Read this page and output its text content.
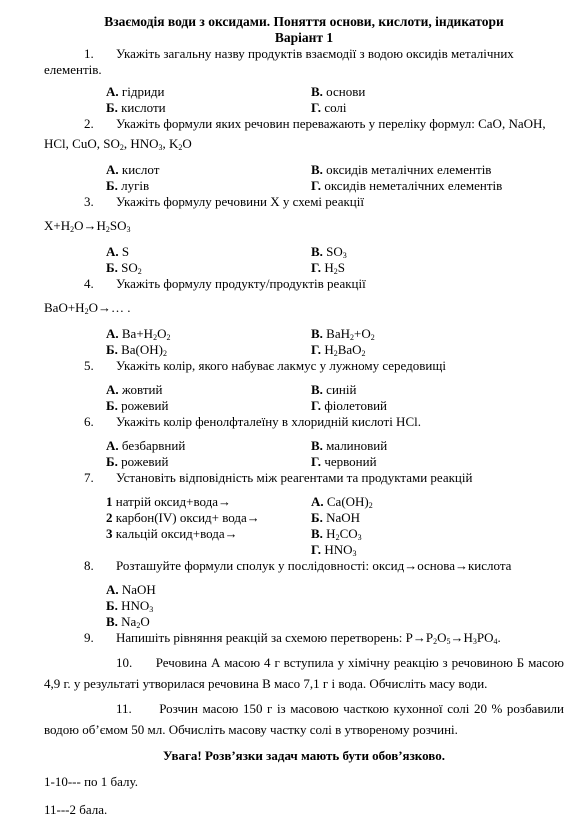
Взаємодія води з оксидами. Поняття основи, кислоти, індикатори
Варіант 1
1.	Укажіть загальну назву продуктів взаємодії з водою оксидів металічних
елементів.
А. гідриди	В. основи
Б. кислоти	Г. солі
2.	Укажіть формули яких речовин переважають у переліку формул: CaO, NaOH,
HCl, CuO, $SO_2$, $HNO_3$, $K_2O$
А. кислот	В. оксидів металічних елементів
Б. лугів	Г. оксидів неметалічних елементів
3.	Укажіть формулу речовини X у схемі реакції
$X+H_2O\to H_2SO_3$
А. S	В. $SO_3$
Б. $SO_2$	Г. $H_2S$
4.	Укажіть формулу продукту/продуктів реакції
$BaO+H_2O\to\dots$ .
А. $Ba+H_2O_2$	В. $BaH_2+O_2$
Б. $Ba(OH)_2$	Г. $H_2BaO_2$
5.	Укажіть колір, якого набуває лакмус у лужному середовищі
А. жовтий	В. синій
Б. рожевий	Г. фіолетовий
6.	Укажіть колір фенолфталеїну в хлоридній кислоті HCl.
А. безбарвний	В. малиновий
Б. рожевий	Г. червоний
7.	Установіть відповідність між реагентами та продуктами реакцій
1 натрій оксид+вода→	А. $Ca(OH)_2$
2 карбон(IV) оксид+ вода→	Б. NaOH
3 кальцій оксид+вода→	В. $H_2CO_3$
Г. $HNO_3$
8.	Розташуйте формули сполук у послідовності: оксид→основа→кислота
А. NaOH
Б. $HNO_3$
В. $Na_2O$
9.	Напишіть рівняння реакцій за схемою перетворень: $P\to P_2O_5\to H_3PO_4$.
10. Речовина А масою 4 г вступила у хімічну реакцію з речовиною Б масою 4,9 г. у результаті утворилася речовина В масо 7,1 г і вода. Обчисліть масу води.
11. Розчин масою 150 г із масовою часткою кухонної солі 20 % розбавили водою об’ємом 50 мл. Обчисліть масову частку солі в утвореному розчині.
Увага! Розв’язки задач мають бути обов’язково.
1-10--- по 1 балу.
11---2 бала.
